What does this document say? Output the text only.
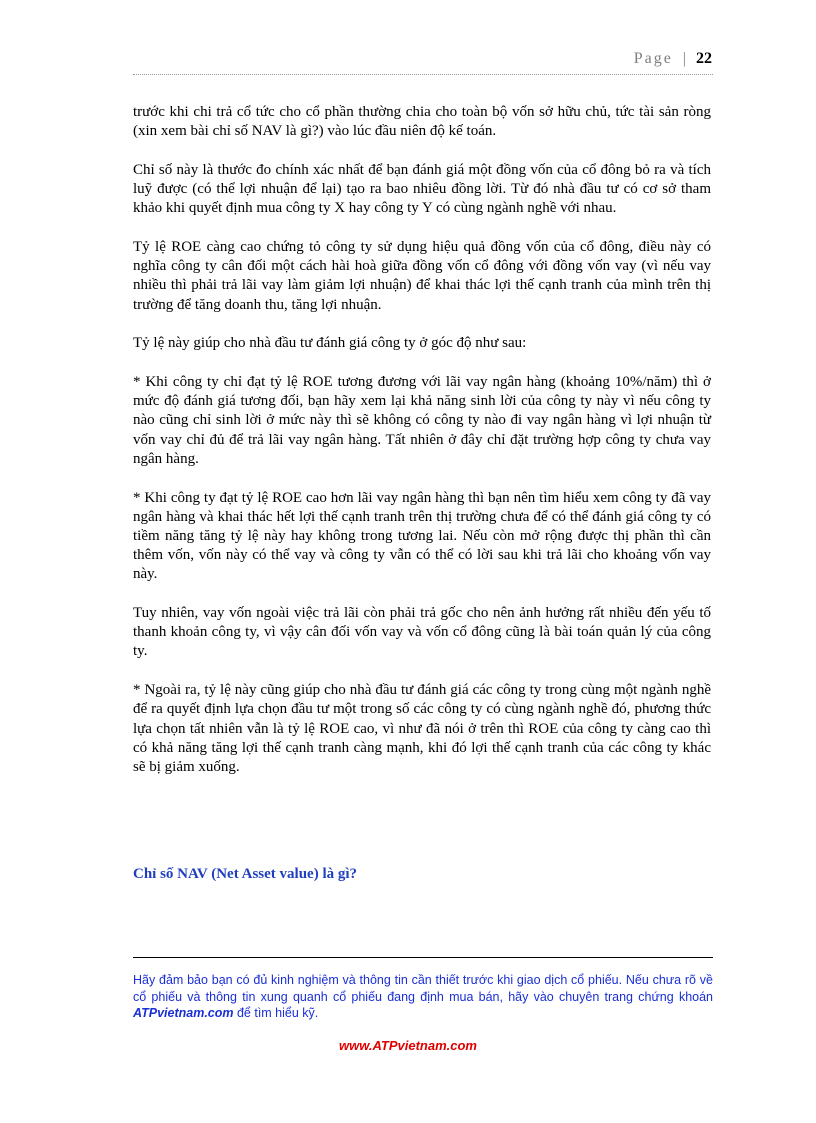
Page | 22

trước khi chi trả cổ tức cho cổ phần thường chia cho toàn bộ vốn sở hữu chủ, tức tài sản ròng (xin xem bài chỉ số NAV là gì?) vào lúc đầu niên độ kế toán.

Chỉ số này là thước đo chính xác nhất để bạn đánh giá một đồng vốn của cổ đông bỏ ra và tích luỹ được (có thể lợi nhuận để lại) tạo ra bao nhiêu đồng lời. Từ đó nhà đầu tư có cơ sở tham khảo khi quyết định mua công ty X hay công ty Y có cùng ngành nghề với nhau.

Tỷ lệ ROE càng cao chứng tỏ công ty sử dụng hiệu quả đồng vốn của cổ đông, điều này có nghĩa công ty cân đối một cách hài hoà giữa đồng vốn cổ đông với đồng vốn vay (vì nếu vay nhiều thì phải trả lãi vay làm giảm lợi nhuận) để khai thác lợi thế cạnh tranh của mình trên thị trường để tăng doanh thu, tăng lợi nhuận.

Tỷ lệ này giúp cho nhà đầu tư đánh giá công ty ở góc độ như sau:

* Khi công ty chỉ đạt tỷ lệ ROE tương đương với lãi vay ngân hàng (khoảng 10%/năm) thì ở mức độ đánh giá tương đối, bạn hãy xem lại khả năng sinh lời của công ty này vì nếu công ty nào cũng chỉ sinh lời ở mức này thì sẽ không có công ty nào đi vay ngân hàng vì lợi nhuận từ vốn vay chỉ đủ để trả lãi vay ngân hàng. Tất nhiên ở đây chỉ đặt trường hợp công ty chưa vay ngân hàng.

* Khi công ty đạt tỷ lệ ROE cao hơn lãi vay ngân hàng thì bạn nên tìm hiểu xem công ty đã vay ngân hàng và khai thác hết lợi thế cạnh tranh trên thị trường chưa để có thể đánh giá công ty có tiềm năng tăng tỷ lệ này hay không trong tương lai. Nếu còn mở rộng được thị phần thì cần thêm vốn, vốn này có thể vay và công ty vẫn có thể có lời sau khi trả lãi cho khoảng vốn vay này.

Tuy nhiên, vay vốn ngoài việc trả lãi còn phải trả gốc cho nên ảnh hưởng rất nhiều đến yếu tố thanh khoản công ty, vì vậy cân đối vốn vay và vốn cổ đông cũng là bài toán quản lý của công ty.

* Ngoài ra, tỷ lệ này cũng giúp cho nhà đầu tư đánh giá các công ty trong cùng một ngành nghề để ra quyết định lựa chọn đầu tư một trong số các công ty có cùng ngành nghề đó, phương thức lựa chọn tất nhiên vẫn là tỷ lệ ROE cao, vì như đã nói ở trên thì ROE của công ty càng cao thì có khả năng tăng lợi thế cạnh tranh càng mạnh, khi đó lợi thế cạnh tranh của các công ty khác sẽ bị giảm xuống.

Chỉ số NAV (Net Asset value) là gì?
Hãy đảm bảo bạn có đủ kinh nghiệm và thông tin cần thiết trước khi giao dịch cổ phiếu. Nếu chưa rõ về cổ phiếu và thông tin xung quanh cổ phiếu đang định mua bán, hãy vào chuyên trang chứng khoán ATPvietnam.com để tìm hiểu kỹ.
www.ATPvietnam.com
